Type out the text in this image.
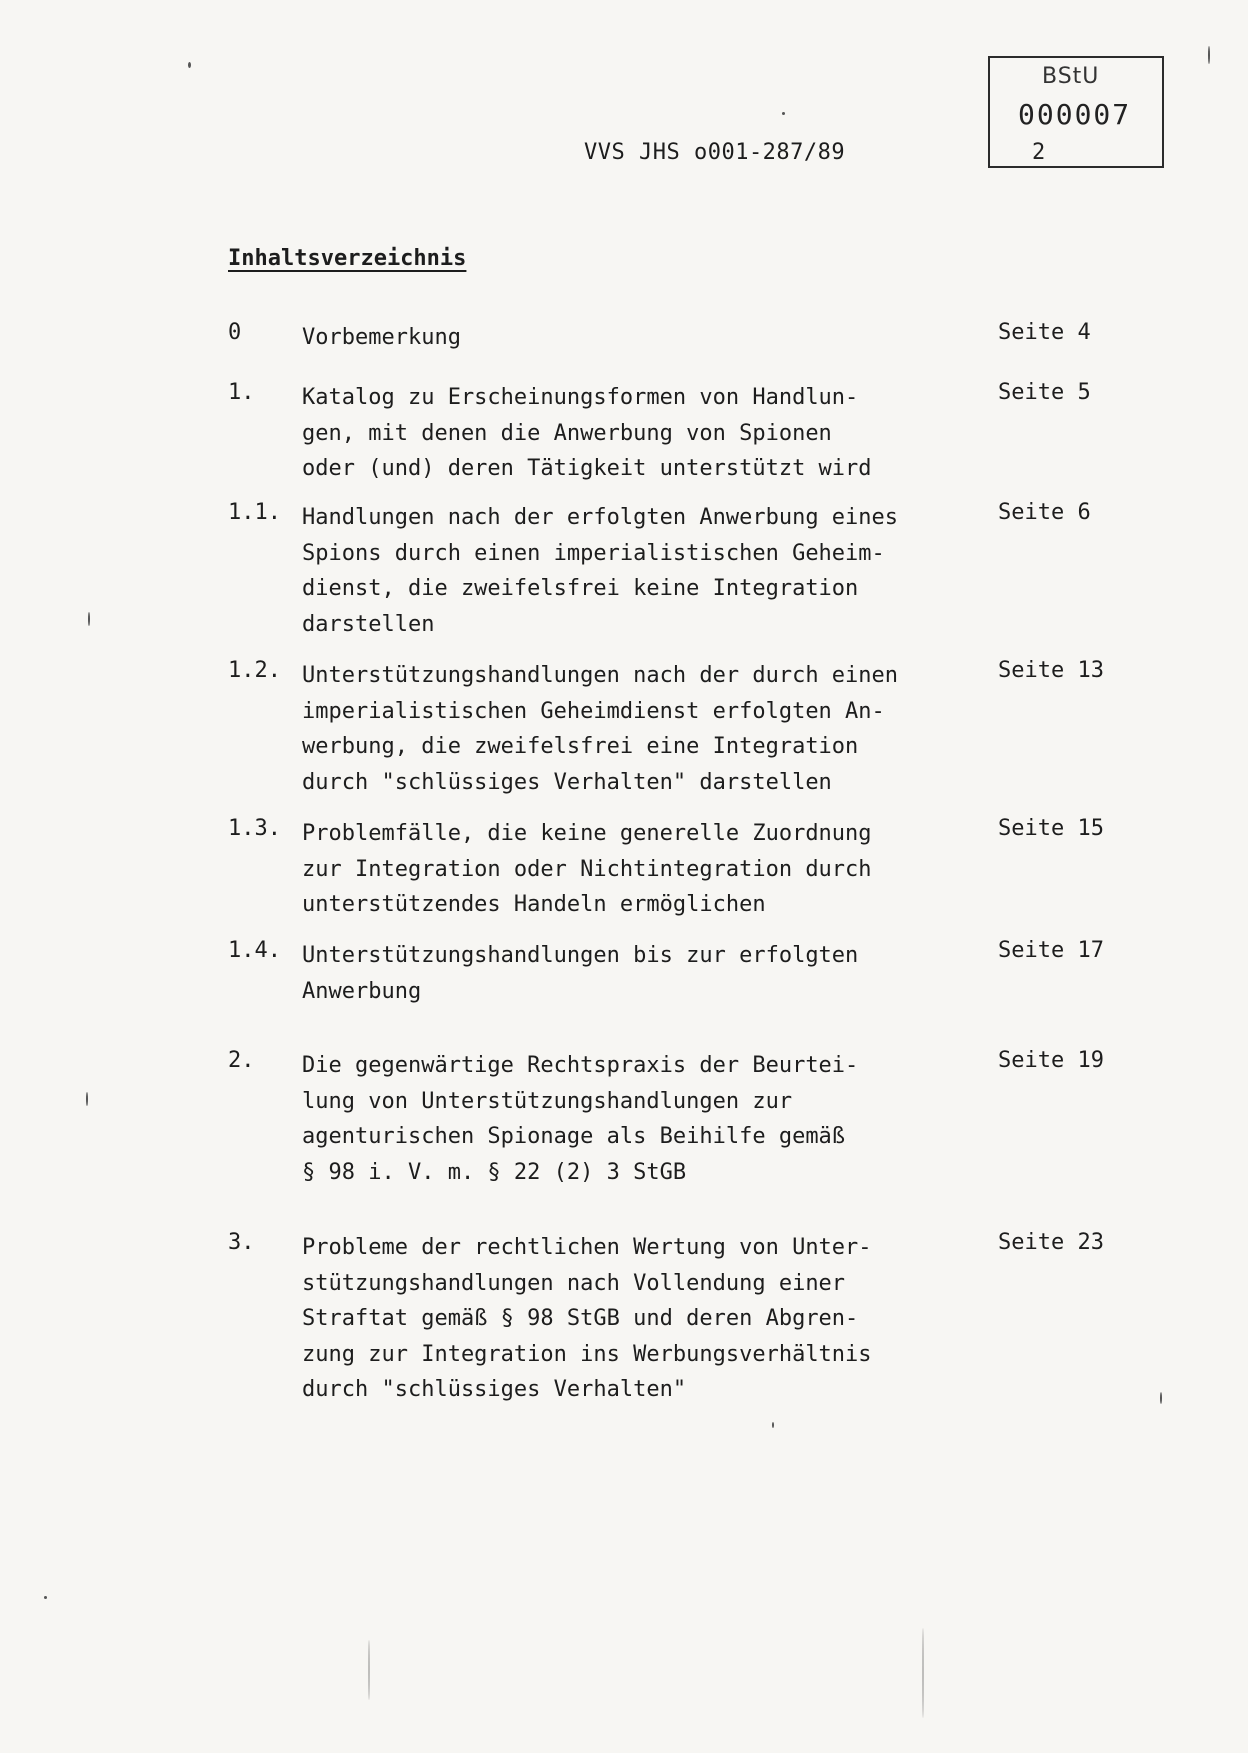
BStU
000007
2
VVS JHS o001-287/89
Inhaltsverzeichnis
0	Vorbemerkung	Seite 4
1. Katalog zu Erscheinungsformen von Handlun-
gen, mit denen die Anwerbung von Spionen
oder (und) deren Tätigkeit unterstützt wird
Seite 5
1.1. Handlungen nach der erfolgten Anwerbung eines
Spions durch einen imperialistischen Geheim-
dienst, die zweifelsfrei keine Integration
darstellen
Seite 6
1.2. Unterstützungshandlungen nach der durch einen
imperialistischen Geheimdienst erfolgten An-
werbung, die zweifelsfrei eine Integration
durch "schlüssiges Verhalten" darstellen
Seite 13
1.3. Problemfälle, die keine generelle Zuordnung
zur Integration oder Nichtintegration durch
unterstützendes Handeln ermöglichen
Seite 15
1.4. Unterstützungshandlungen bis zur erfolgten
Anwerbung
Seite 17
2. Die gegenwärtige Rechtspraxis der Beurtei-
lung von Unterstützungshandlungen zur
agenturischen Spionage als Beihilfe gemäß
§ 98 i. V. m. § 22 (2) 3 StGB
Seite 19
3. Probleme der rechtlichen Wertung von Unter-
stützungshandlungen nach Vollendung einer
Straftat gemäß § 98 StGB und deren Abgren-
zung zur Integration ins Werbungsverhältnis
durch "schlüssiges Verhalten"
Seite 23
